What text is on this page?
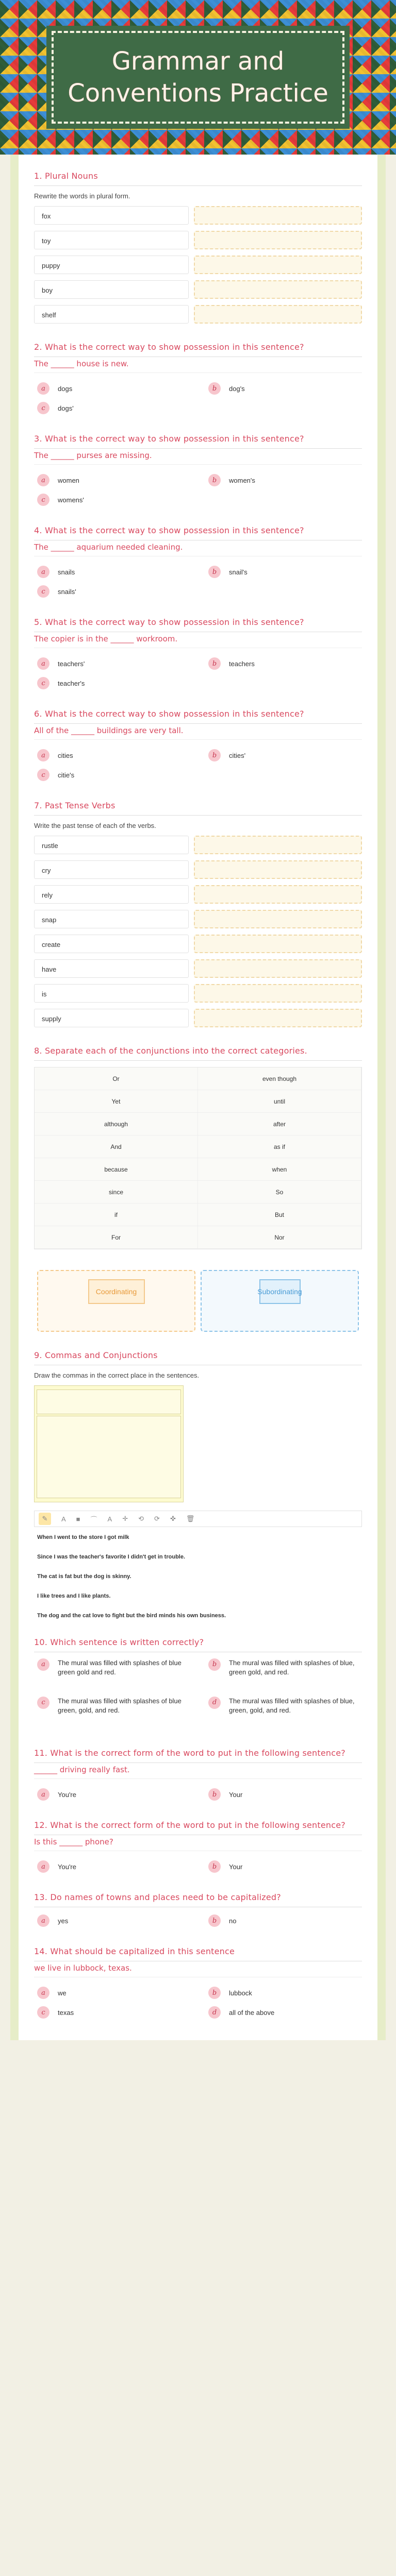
Grammar and Conventions Practice
1. Plural Nouns
Rewrite the words in plural form.
fox
toy
puppy
boy
shelf
2. What is the correct way to show possession in this sentence?
The ______ house is new.
a	dogs	b	dog's
c	dogs'
3. What is the correct way to show possession in this sentence?
The ______ purses are missing.
a	women	b	women's
c	womens'
4. What is the correct way to show possession in this sentence?
The ______ aquarium needed cleaning.
a	snails	b	snail's
c	snails'
5. What is the correct way to show possession in this sentence?
The copier is in the ______ workroom.
a	teachers'	b	teachers
c	teacher's
6. What is the correct way to show possession in this sentence?
All of the ______ buildings are very tall.
a	cities	b	cities'
c	citie's
7. Past Tense Verbs
Write the past tense of each of the verbs.
rustle
cry
rely
snap
create
have
is
supply
8. Separate each of the conjunctions into the correct categories.
Or	even though
Yet	until
although	after
And	as if
because	when
since	So
if	But
For	Nor
Coordinating	Subordinating
9. Commas and Conjunctions
Draw the commas in the correct place in the sentences.
✎	A ■ ⌒ A ✛ ⟲ ⟳ ✜ 🗑
When I went to the store I got milk
Since I was the teacher's favorite I didn't get in trouble.
The cat is fat but the dog is skinny.
I like trees and I like plants.
The dog and the cat love to fight but the bird minds his own business.
10. Which sentence is written correctly?
a	The mural was filled with splashes of blue green gold and red.
b	The mural was filled with splashes of blue, green gold, and red.
c	The mural was filled with splashes of blue green, gold, and red.
d	The mural was filled with splashes of blue, green, gold, and red.
11. What is the correct form of the word to put in the following sentence?
______ driving really fast.
a	You're	b	Your
12. What is the correct form of the word to put in the following sentence?
Is this ______ phone?
a	You're	b	Your
13. Do names of towns and places need to be capitalized?
a	yes	b	no
14. What should be capitalized in this sentence
we live in lubbock, texas.
a	we	b	lubbock
c	texas	d	all of the above
